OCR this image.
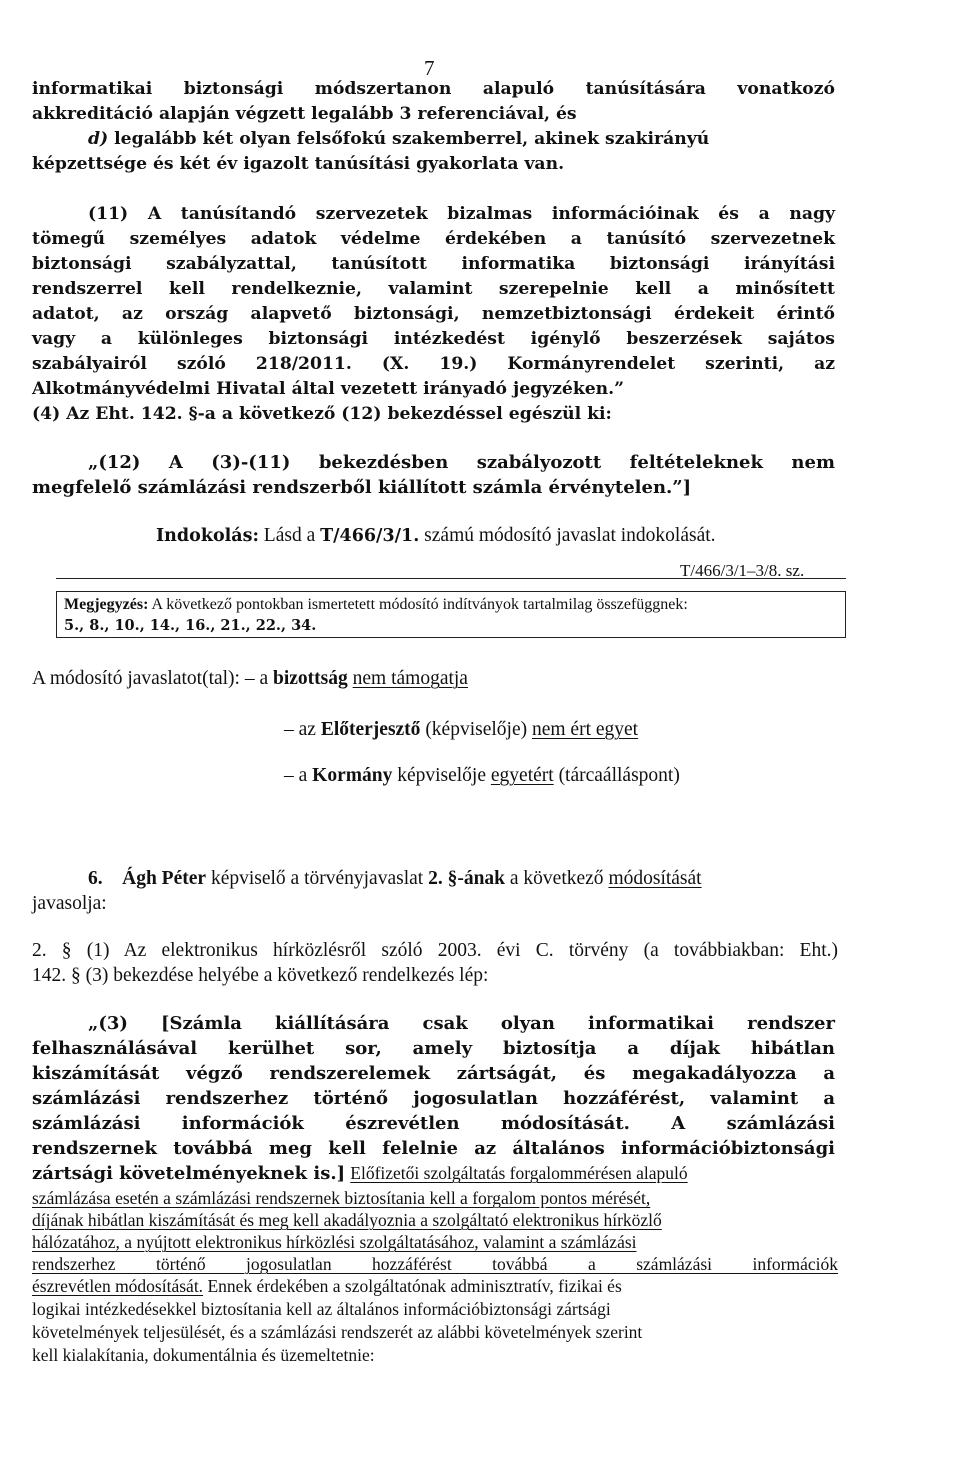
7
informatikai biztonsági módszertanon alapuló tanúsítására vonatkozó
akkreditáció alapján végzett legalább 3 referenciával, és
d) legalább két olyan felsőfokú szakemberrel, akinek szakirányú
képzettsége és két év igazolt tanúsítási gyakorlata van.
(11) A tanúsítandó szervezetek bizalmas információinak és a nagy
tömegű személyes adatok védelme érdekében a tanúsító szervezetnek
biztonsági szabályzattal, tanúsított informatika biztonsági irányítási
rendszerrel kell rendelkeznie, valamint szerepelnie kell a minősített
adatot, az ország alapvető biztonsági, nemzetbiztonsági érdekeit érintő
vagy a különleges biztonsági intézkedést igénylő beszerzések sajátos
szabályairól szóló 218/2011. (X. 19.) Kormányrendelet szerinti, az
Alkotmányvédelmi Hivatal által vezetett irányadó jegyzéken.”
(4) Az Eht. 142. §-a a következő (12) bekezdéssel egészül ki:
„(12) A (3)-(11) bekezdésben szabályozott feltételeknek nem
megfelelő számlázási rendszerből kiállított számla érvénytelen.”]
Indokolás: Lásd a T/466/3/1. számú módosító javaslat indokolását.
T/466/3/1–3/8. sz.
Megjegyzés: A következő pontokban ismertetett módosító indítványok tartalmilag összefüggnek:
5., 8., 10., 14., 16., 21., 22., 34.
A módosító javaslatot(tal): – a bizottság nem támogatja
– az Előterjesztő (képviselője) nem ért egyet
– a Kormány képviselője egyetért (tárcaálláspont)
6. Ágh Péter képviselő a törvényjavaslat 2. §-ának a következő módosítását
javasolja:
2. § (1) Az elektronikus hírközlésről szóló 2003. évi C. törvény (a továbbiakban: Eht.)
142. § (3) bekezdése helyébe a következő rendelkezés lép:
„(3) [Számla kiállítására csak olyan informatikai rendszer
felhasználásával kerülhet sor, amely biztosítja a díjak hibátlan
kiszámítását végző rendszerelemek zártságát, és megakadályozza a
számlázási rendszerhez történő jogosulatlan hozzáférést, valamint a
számlázási információk észrevétlen módosítását. A számlázási
rendszernek továbbá meg kell felelnie az általános információbiztonsági
zártsági követelményeknek is.] Előfizetői szolgáltatás forgalommérésen alapuló
számlázása esetén a számlázási rendszernek biztosítania kell a forgalom pontos mérését,
díjának hibátlan kiszámítását és meg kell akadályoznia a szolgáltató elektronikus hírközlő
hálózatához, a nyújtott elektronikus hírközlési szolgáltatásához, valamint a számlázási
rendszerhez történő jogosulatlan hozzáférést továbbá a számlázási információk
észrevétlen módosítását. Ennek érdekében a szolgáltatónak adminisztratív, fizikai és
logikai intézkedésekkel biztosítania kell az általános információbiztonsági zártsági
követelmények teljesülését, és a számlázási rendszerét az alábbi követelmények szerint
kell kialakítania, dokumentálnia és üzemeltetnie:
